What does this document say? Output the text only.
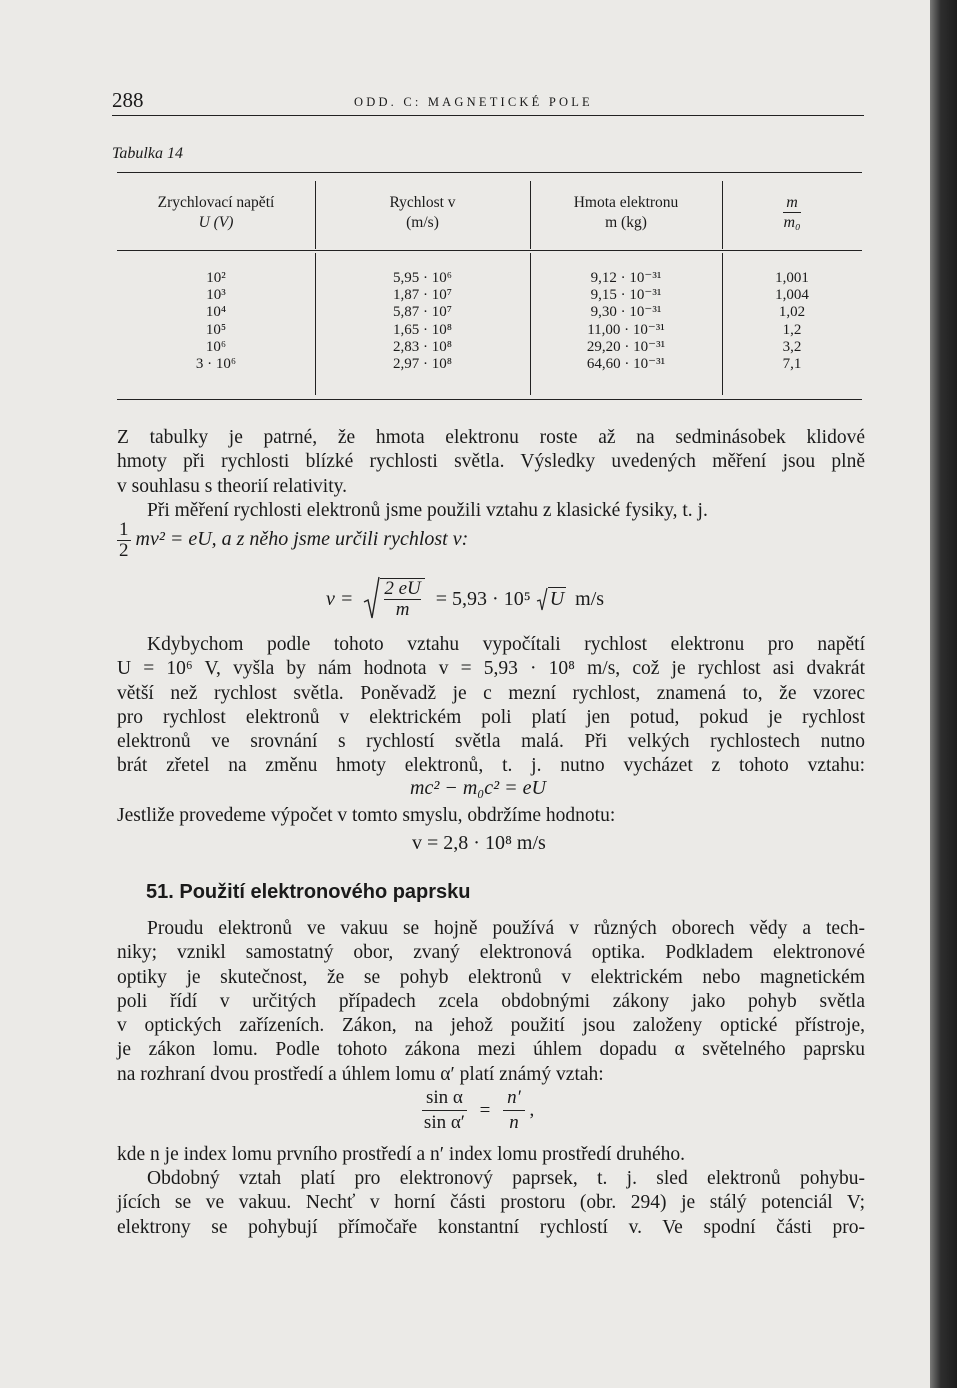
288	ODD. C: MAGNETICKÉ POLE
Tabulka 14
Zrychlovací napětí
U (V)
Rychlost v
(m/s)
Hmota elektronu
m (kg)	$\frac{m}{\text{m₀}}$
10²
10³
10⁴
10⁵
10⁶
3 · 10⁶
5,95 · 10⁶
1,87 · 10⁷
5,87 · 10⁷
1,65 · 10⁸
2,83 · 10⁸
2,97 · 10⁸
9,12 · 10⁻³¹
9,15 · 10⁻³¹
9,30 · 10⁻³¹
11,00 · 10⁻³¹
29,20 · 10⁻³¹
64,60 · 10⁻³¹
1,001
1,004
1,02
1,2
3,2
7,1

Z tabulky je patrné, že hmota elektronu roste až na sedminásobek klidové

hmoty při rychlosti blízké rychlosti světla. Výsledky uvedených měření jsou plně

v souhlasu s theorií relativity.

Při měření rychlosti elektronů jsme použili vztahu z klasické fysiky, t. j.

$\frac{1}{2} mv^2$ = eU, a z něho jsme určili rychlost v:
$v = \frac{2 eU}{m} = 5,93 \cdot 10^5$ U m/s

Kdybychom podle tohoto vztahu vypočítali rychlost elektronu pro napětí

U = 10⁶ V, vyšla by nám hodnota v = 5,93 · 10⁸ m/s, což je rychlost asi dvakrát

větší než rychlost světla. Poněvadž je c mezní rychlost, znamená to, že vzorec

pro rychlost elektronů v elektrickém poli platí jen potud, pokud je rychlost

elektronů ve srovnání s rychlostí světla malá. Při velkých rychlostech nutno

brát zřetel na změnu hmoty elektronů, t. j. nutno vycházet z tohoto vztahu:

mc² − m₀c² = eU

Jestliže provedeme výpočet v tomto smyslu, obdržíme hodnotu:

v = 2,8 · 10⁸ m/s
51. Použití elektronového paprsku

Proudu elektronů ve vakuu se hojně používá v různých oborech vědy a tech-

niky; vznikl samostatný obor, zvaný elektronová optika. Podkladem elektronové

optiky je skutečnost, že se pohyb elektronů v elektrickém nebo magnetickém

poli řídí v určitých případech zcela obdobnými zákony jako pohyb světla

v optických zařízeních. Zákon, na jehož použití jsou založeny optické přístroje,

je zákon lomu. Podle tohoto zákona mezi úhlem dopadu α světelného paprsku

na rozhraní dvou prostředí a úhlem lomu α′ platí známý vztah:

$\frac{\text{sin α}}{\text{sin α′}} = \frac{n'}{n}$ ,

kde n je index lomu prvního prostředí a n′ index lomu prostředí druhého.

Obdobný vztah platí pro elektronový paprsek, t. j. sled elektronů pohybu-

jících se ve vakuu. Nechť v horní části prostoru (obr. 294) je stálý potenciál V;

elektrony se pohybují přímočaře konstantní rychlostí v. Ve spodní části pro-
